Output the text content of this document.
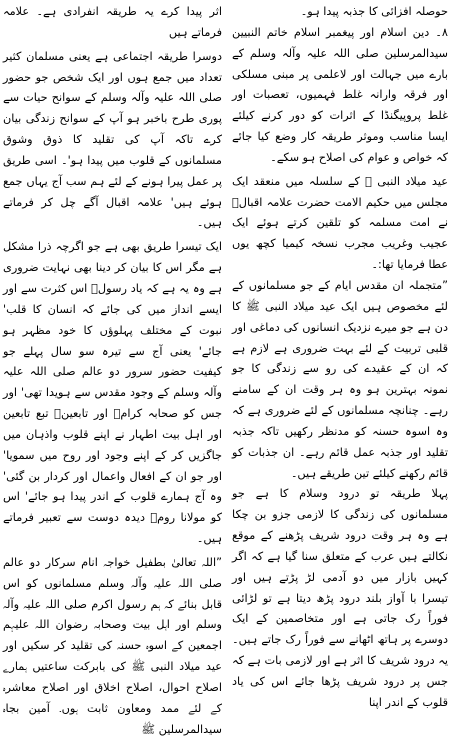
حوصلہ افزائی کا جذبہ پیدا ہو۔

۸۔ دین اسلام اور پیغمبر اسلام خاتم النبیین سیدالمرسلین صلی اللہ علیہ وآلہ وسلم کے بارے میں جہالت اور لاعلمی پر مبنی مسلکی اور فرقہ وارانہ غلط فہمیوں، تعصبات اور غلط پروپیگنڈا کے اثرات کو دور کرنے کیلئے ایسا مناسب وموثر طریقہ کار وضع کیا جائے کہ خواص و عوام کی اصلاح ہو سکے۔

عید میلاد النبی ﷺ کے سلسلہ میں منعقد ایک مجلس میں حکیم الامت حضرت علامہ اقبالؒ نے امت مسلمہ کو تلقین کرتے ہوئے ایک عجیب وغریب مجرب نسخہ کیمیا کچھ یوں عطا فرمایا تھا:۔

”متجملہ ان مقدس ایام کے جو مسلمانوں کے لئے مخصوص ہیں ایک عید میلاد النبی ﷺ کا دن ہے جو میرے نزدیک انسانوں کی دماغی اور قلبی تربیت کے لئے بہت ضروری ہے لازم ہے کہ ان کے عقیدے کی رو سے زندگی کا جو نمونہ بہترین ہو وہ ہر وقت ان کے سامنے رہے۔ چنانچہ مسلمانوں کے لئے ضروری ہے کہ وہ اسوہ حسنہ کو مدنظر رکھیں تاکہ جذبہ تقلید اور جذبہ عمل قائم رہے۔ ان جذبات کو قائم رکھنے کیلئے تین طریقے ہیں۔

پہلا طریقہ تو درود وسلام کا ہے جو مسلمانوں کی زندگی کا لازمی جزو بن چکا ہے وہ ہر وقت درود شریف پڑھنے کے موقع نکالتے ہیں عرب کے متعلق سنا گیا ہے کہ اگر کہیں بازار میں دو آدمی لڑ پڑتے ہیں اور تیسرا با آواز بلند درود پڑھ دیتا ہے تو لڑائی فوراً رک جاتی ہے اور متخاصمین کے ایک دوسرے پر ہاتھ اٹھانے سے فوراً رک جاتے ہیں۔ یہ درود شریف کا اثر ہے اور لازمی بات ہے کہ جس پر درود شریف پڑھا جائے اس کی یاد قلوب کے اندر اپنا

اثر پیدا کرے یہ طریقہ انفرادی ہے۔ علامہ فرماتے ہیں

دوسرا طریقہ اجتماعی ہے یعنی مسلمان کثیر تعداد میں جمع ہوں اور ایک شخص جو حضور صلی اللہ علیہ وآلہ وسلم کے سوانح حیات سے پوری طرح باخبر ہو آپ کے سوانح زندگی بیان کرے تاکہ آپ کی تقلید کا ذوق وشوق مسلمانوں کے قلوب میں پیدا ہو'۔ اسی طریق پر عمل پیرا ہونے کے لئے ہم سب آج یہاں جمع ہوئے ہیں' علامہ اقبال آگے چل کر فرماتے ہیں۔

ایک تیسرا طریق بھی ہے جو اگرچہ ذرا مشکل ہے مگر اس کا بیان کر دینا بھی نہایت ضروری ہے وہ یہ ہے کہ یاد رسولﷺ اس کثرت سے اور ایسے انداز میں کی جائے کہ انسان کا قلب' نبوت کے مختلف پہلوؤں کا خود مظہر ہو جائے' یعنی آج سے تیرہ سو سال پہلے جو کیفیت حضور سرور دو عالم صلی اللہ علیہ وآلہ وسلم کے وجود مقدس سے ہویدا تھی' اور جس کو صحابہ کرامؓ اور تابعینؒ تبع تابعین اور اہل بیت اطہار نے اپنے قلوب واذہان میں جاگزیں کر کے اپنے وجود اور روح میں سمویا' اور جو ان کے افعال واعمال اور کردار بن گئی' وہ آج ہمارے قلوب کے اندر پیدا ہو جائے' اس کو مولانا رومؒ دیدہ دوست سے تعبیر فرماتے ہیں۔

”اللہ تعالیٰ بطفیل خواجہ انام سرکار دو عالم صلی اللہ علیہ وآلہ وسلم مسلمانوں کو اس قابل بنائے کہ ہم رسول اکرم صلی اللہ علیہ وآلہ وسلم اور اہل بیت وصحابہ رضوان اللہ علیہم اجمعین کے اسوہ حسنہ کی تقلید کر سکیں اور عید میلاد النبی ﷺ کی بابرکت ساعتیں ہمارے اصلاح احوال، اصلاح اخلاق اور اصلاح معاشرہ کے لئے ممد ومعاون ثابت ہوں۔ آمین بجاہ سیدالمرسلین ﷺ
